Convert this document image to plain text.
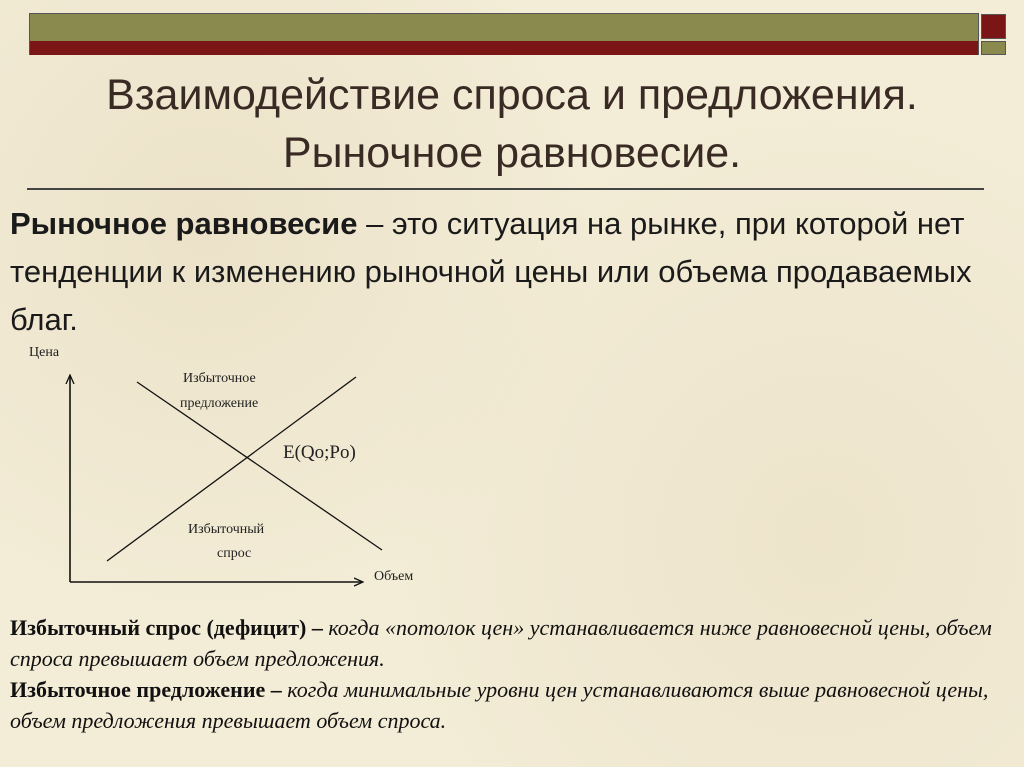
Взаимодействие спроса и предложения.
Рыночное равновесие.
Рыночное равновесие – это ситуация на рынке, при которой нет тенденции к изменению рыночной цены или объема продаваемых благ.
Цена
Объем
Избыточное
предложение
E(Qo;Po)
Избыточный
спрос
Избыточный спрос (дефицит) – когда «потолок цен» устанавливается ниже равновесной цены, объем спроса превышает объем предложения.
Избыточное предложение – когда минимальные уровни цен устанавливаются выше равновесной цены, объем предложения превышает объем спроса.
